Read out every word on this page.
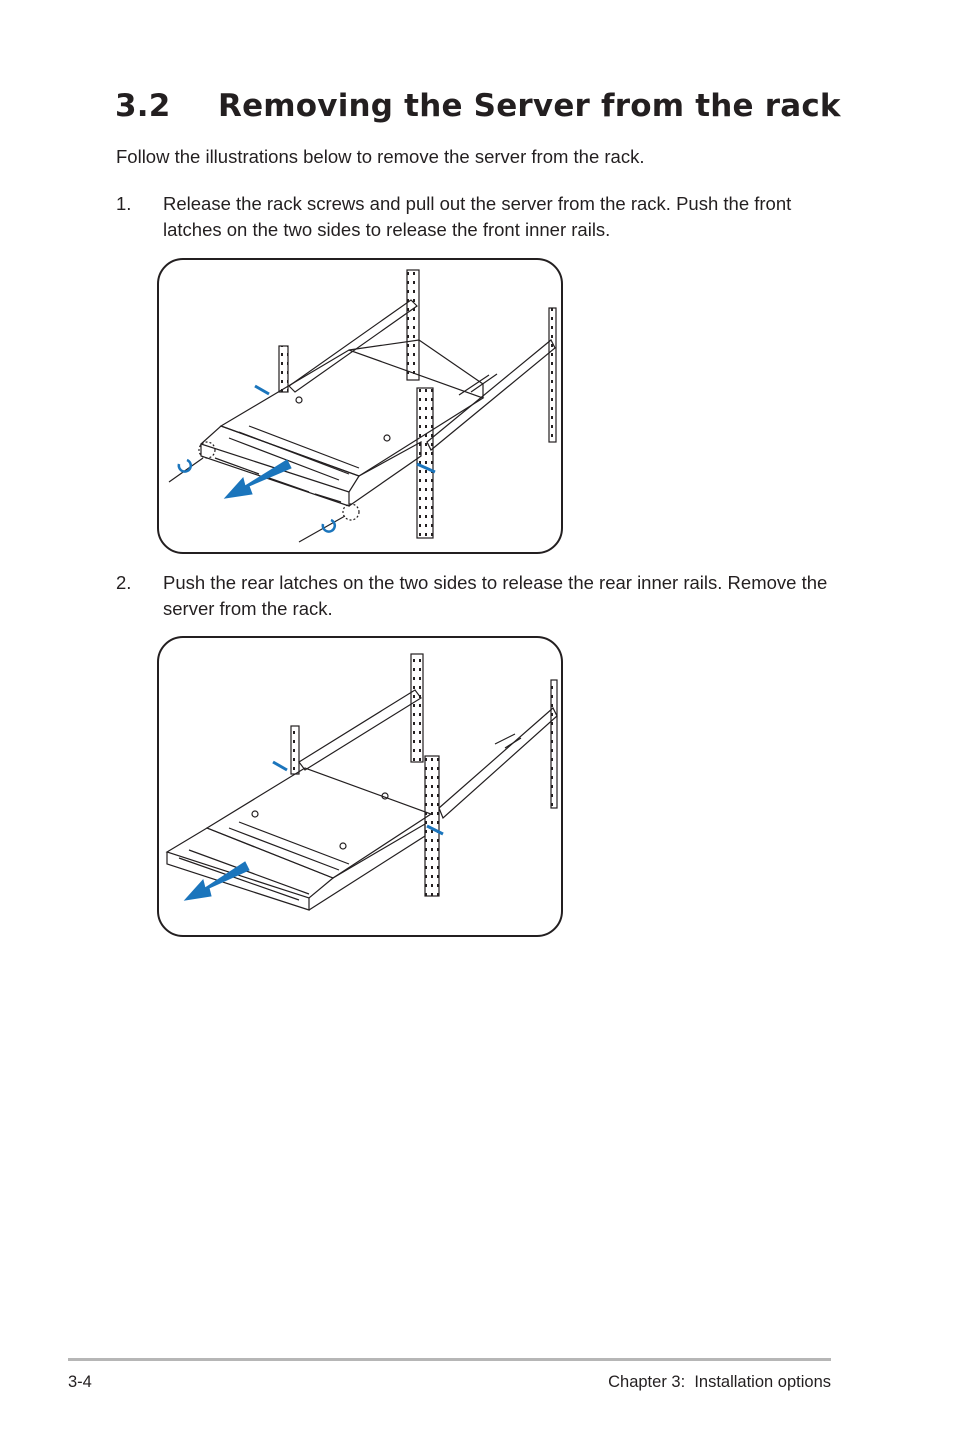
3.2 Removing the Server from the rack

Follow the illustrations below to remove the server from the rack.

1. Release the rack screws and pull out the server from the rack. Push the front latches on the two sides to release the front inner rails.
2. Push the rear latches on the two sides to release the rear inner rails. Remove the server from the rack.
3-4	Chapter 3:  Installation options
